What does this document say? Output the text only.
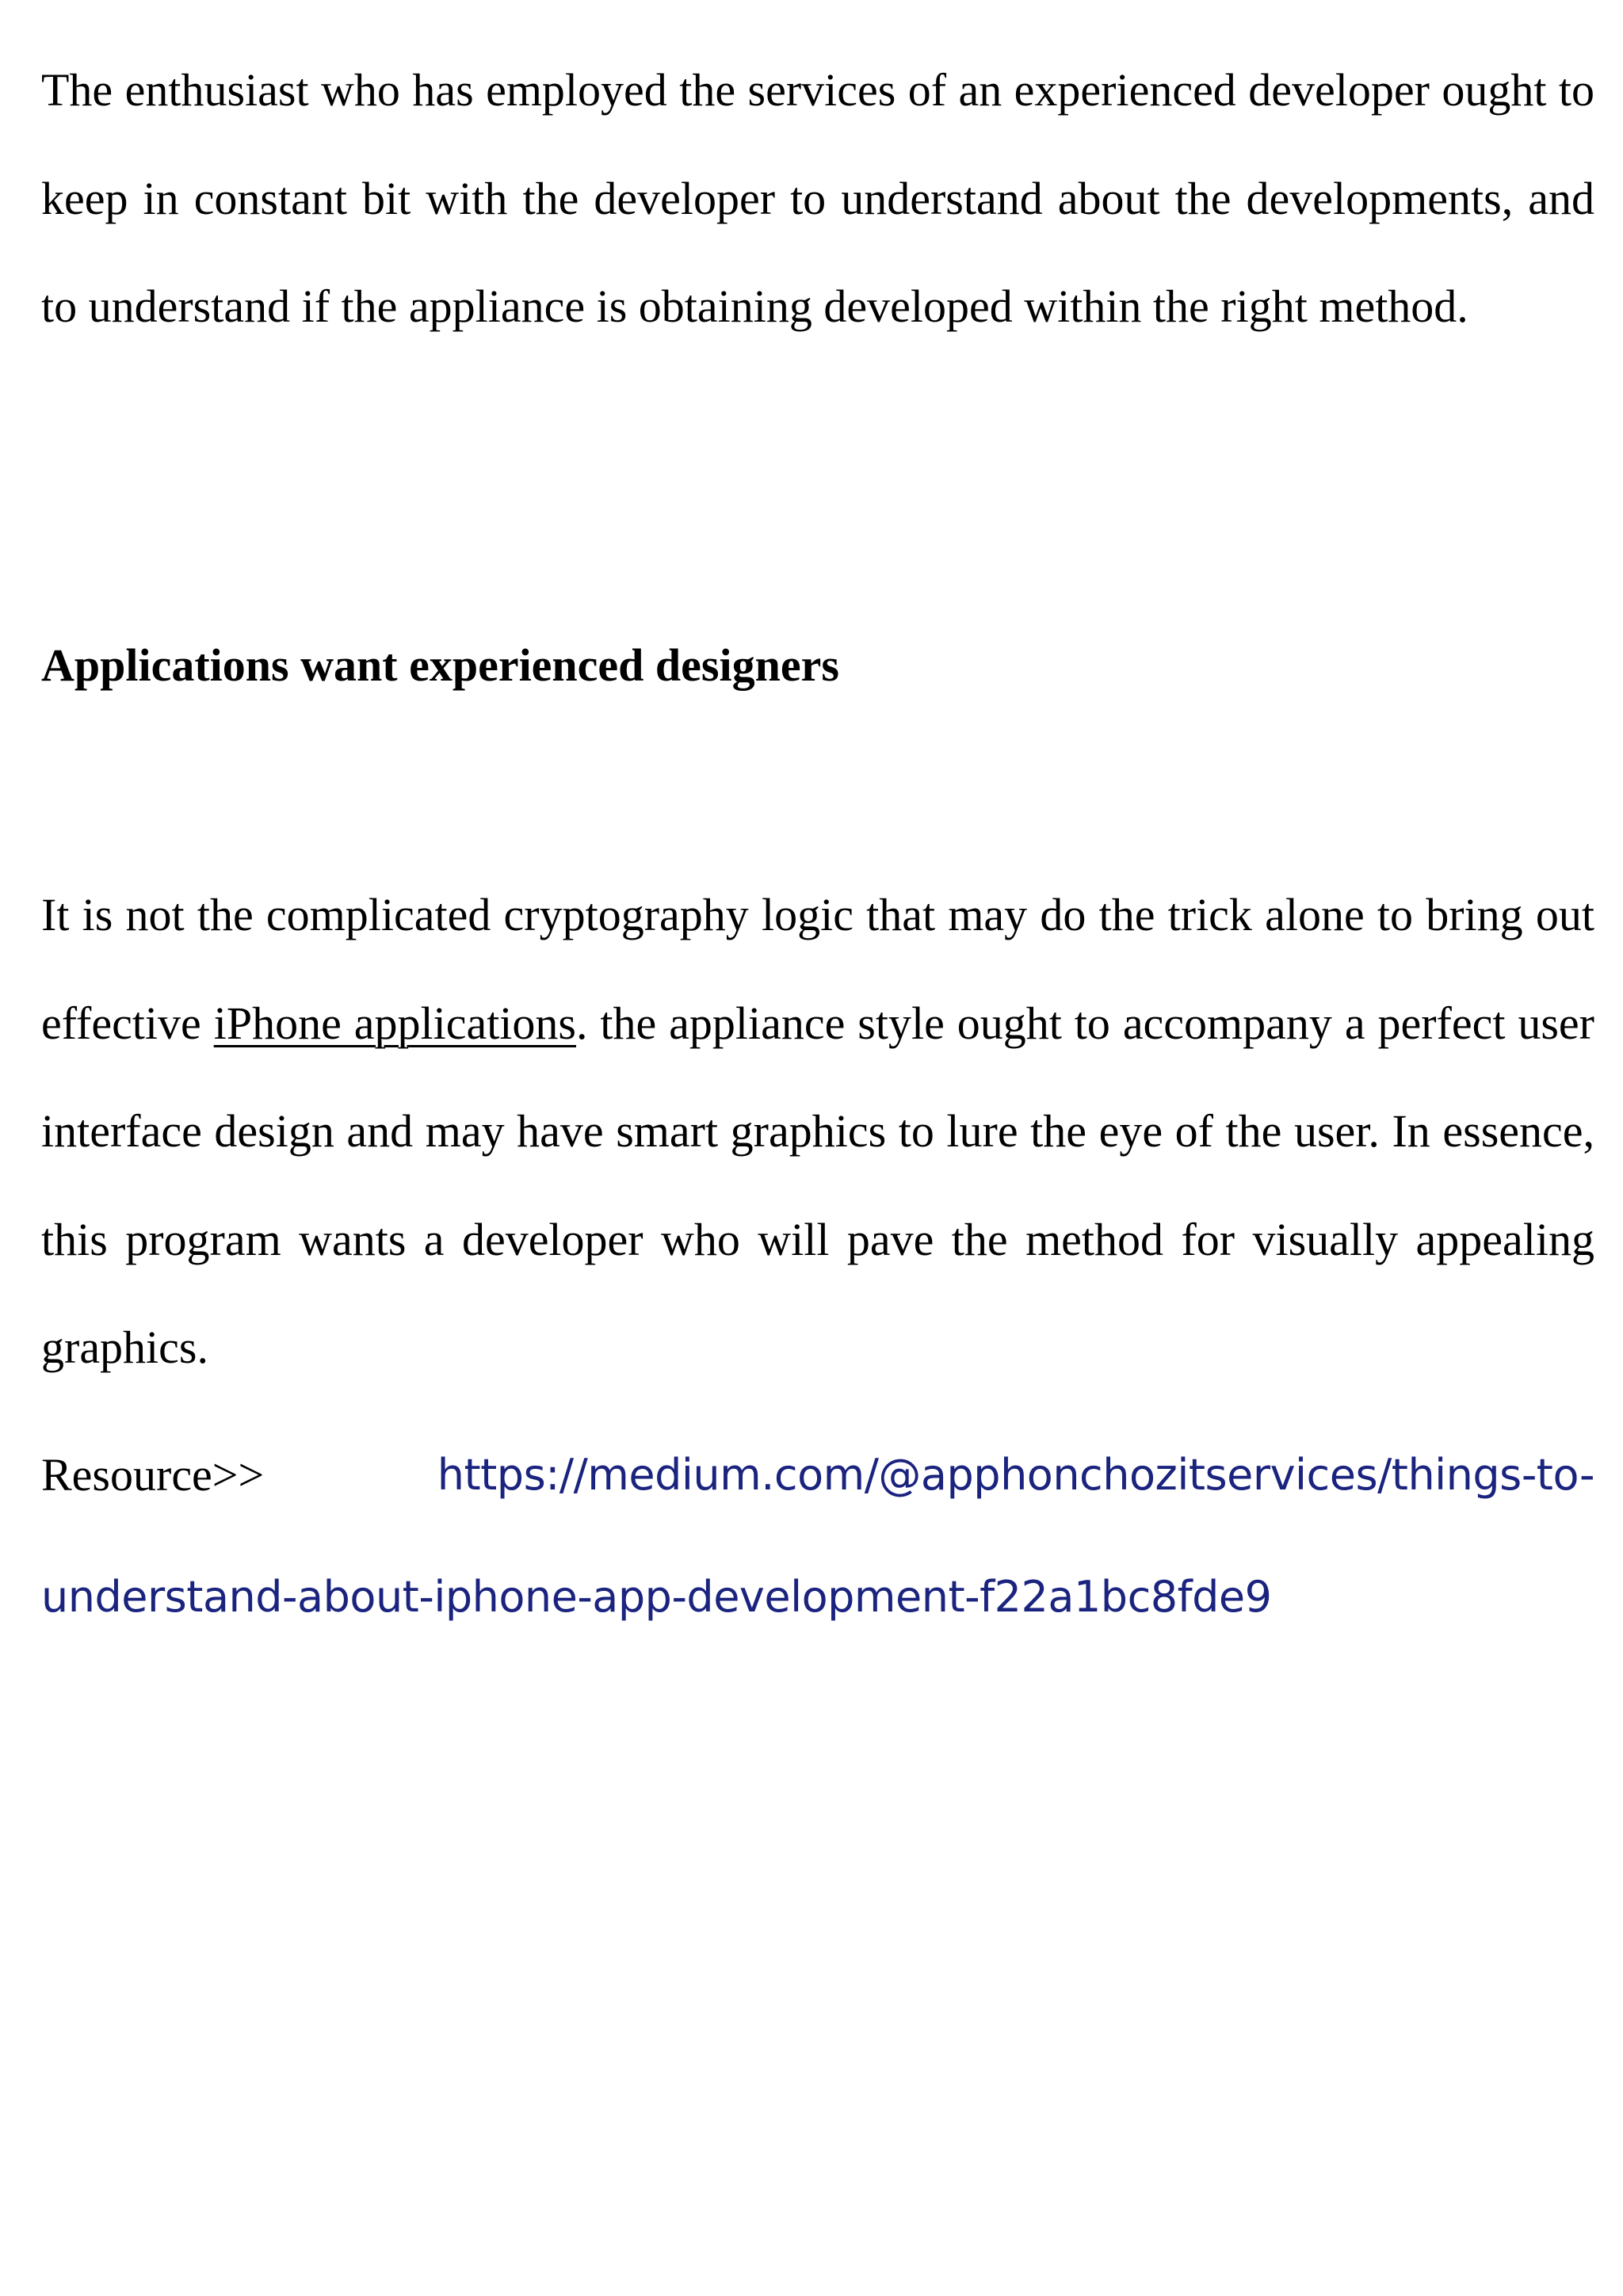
The enthusiast who has employed the services of an experienced developer ought to keep in constant bit with the developer to understand about the developments, and to understand if the appliance is obtaining developed within the right method.

Applications want experienced designers

It is not the complicated cryptography logic that may do the trick alone to bring out effective iPhone applications. the appliance style ought to accompany a perfect user interface design and may have smart graphics to lure the eye of the user. In essence, this program wants a developer who will pave the method for visually appealing graphics.

Resource>>	https://medium.com/@apphonchozitservices/things-to-
understand-about-iphone-app-development-f22a1bc8fde9
